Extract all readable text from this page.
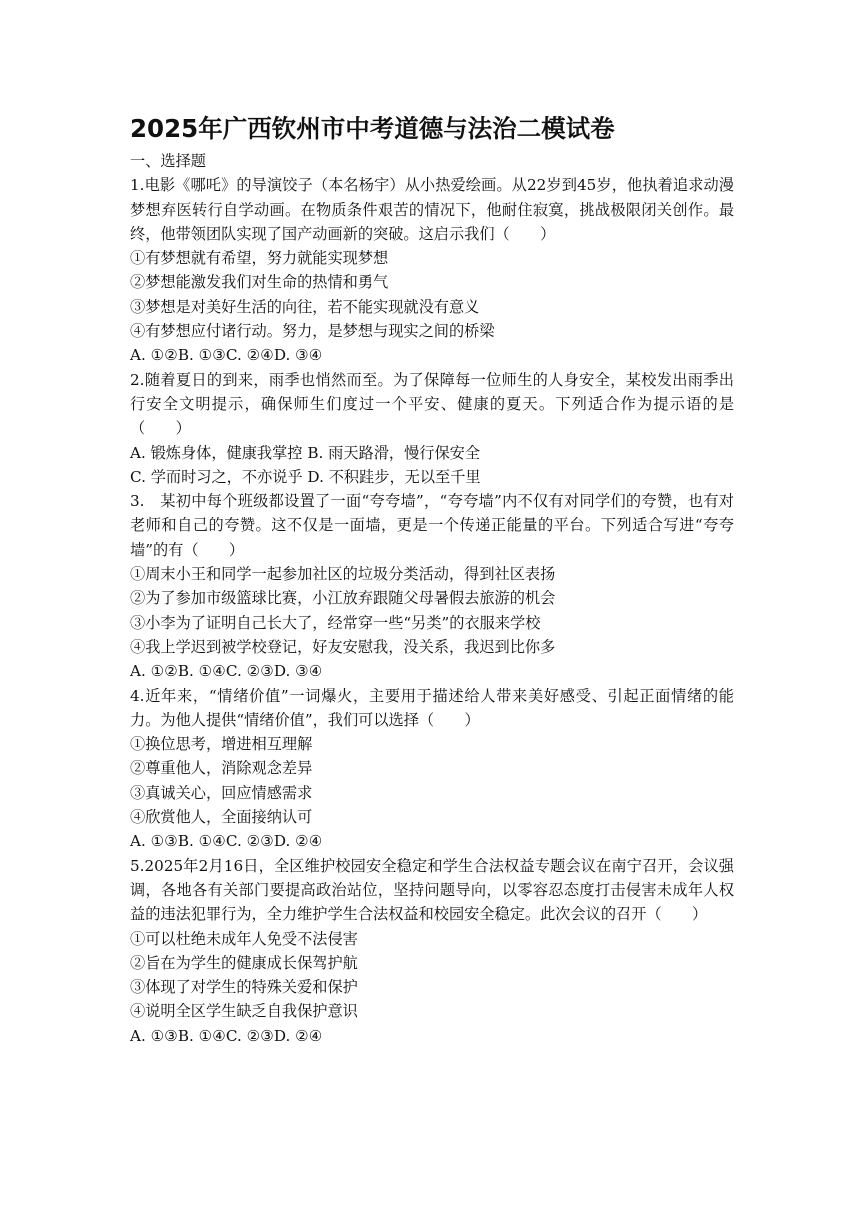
2025年广西钦州市中考道德与法治二模试卷
一、选择题
1.电影《哪吒》的导演饺子（本名杨宇）从小热爱绘画。从22岁到45岁，他执着追求动漫梦想弃医转行自学动画。在物质条件艰苦的情况下，他耐住寂寞，挑战极限闭关创作。最终，他带领团队实现了国产动画新的突破。这启示我们（　　）
①有梦想就有希望，努力就能实现梦想
②梦想能激发我们对生命的热情和勇气
③梦想是对美好生活的向往，若不能实现就没有意义
④有梦想应付诸行动。努力，是梦想与现实之间的桥梁
A. ①②B. ①③C. ②④D. ③④
2.随着夏日的到来，雨季也悄然而至。为了保障每一位师生的人身安全，某校发出雨季出行安全文明提示，确保师生们度过一个平安、健康的夏天。下列适合作为提示语的是（　　）
A. 锻炼身体，健康我掌控 B. 雨天路滑，慢行保安全
C. 学而时习之，不亦说乎 D. 不积跬步，无以至千里
3.　某初中每个班级都设置了一面“夸夸墙”，“夸夸墙”内不仅有对同学们的夸赞，也有对老师和自己的夸赞。这不仅是一面墙，更是一个传递正能量的平台。下列适合写进“夸夸墙”的有（　　）
①周末小王和同学一起参加社区的垃圾分类活动，得到社区表扬
②为了参加市级篮球比赛，小江放弃跟随父母暑假去旅游的机会
③小李为了证明自己长大了，经常穿一些“另类”的衣服来学校
④我上学迟到被学校登记，好友安慰我，没关系，我迟到比你多
A. ①②B. ①④C. ②③D. ③④
4.近年来，“情绪价值”一词爆火，主要用于描述给人带来美好感受、引起正面情绪的能力。为他人提供“情绪价值”，我们可以选择（　　）
①换位思考，增进相互理解
②尊重他人，消除观念差异
③真诚关心，回应情感需求
④欣赏他人，全面接纳认可
A. ①③B. ①④C. ②③D. ②④
5.2025年2月16日，全区维护校园安全稳定和学生合法权益专题会议在南宁召开，会议强调，各地各有关部门要提高政治站位，坚持问题导向，以零容忍态度打击侵害未成年人权益的违法犯罪行为，全力维护学生合法权益和校园安全稳定。此次会议的召开（　　）
①可以杜绝未成年人免受不法侵害
②旨在为学生的健康成长保驾护航
③体现了对学生的特殊关爱和保护
④说明全区学生缺乏自我保护意识
A. ①③B. ①④C. ②③D. ②④
